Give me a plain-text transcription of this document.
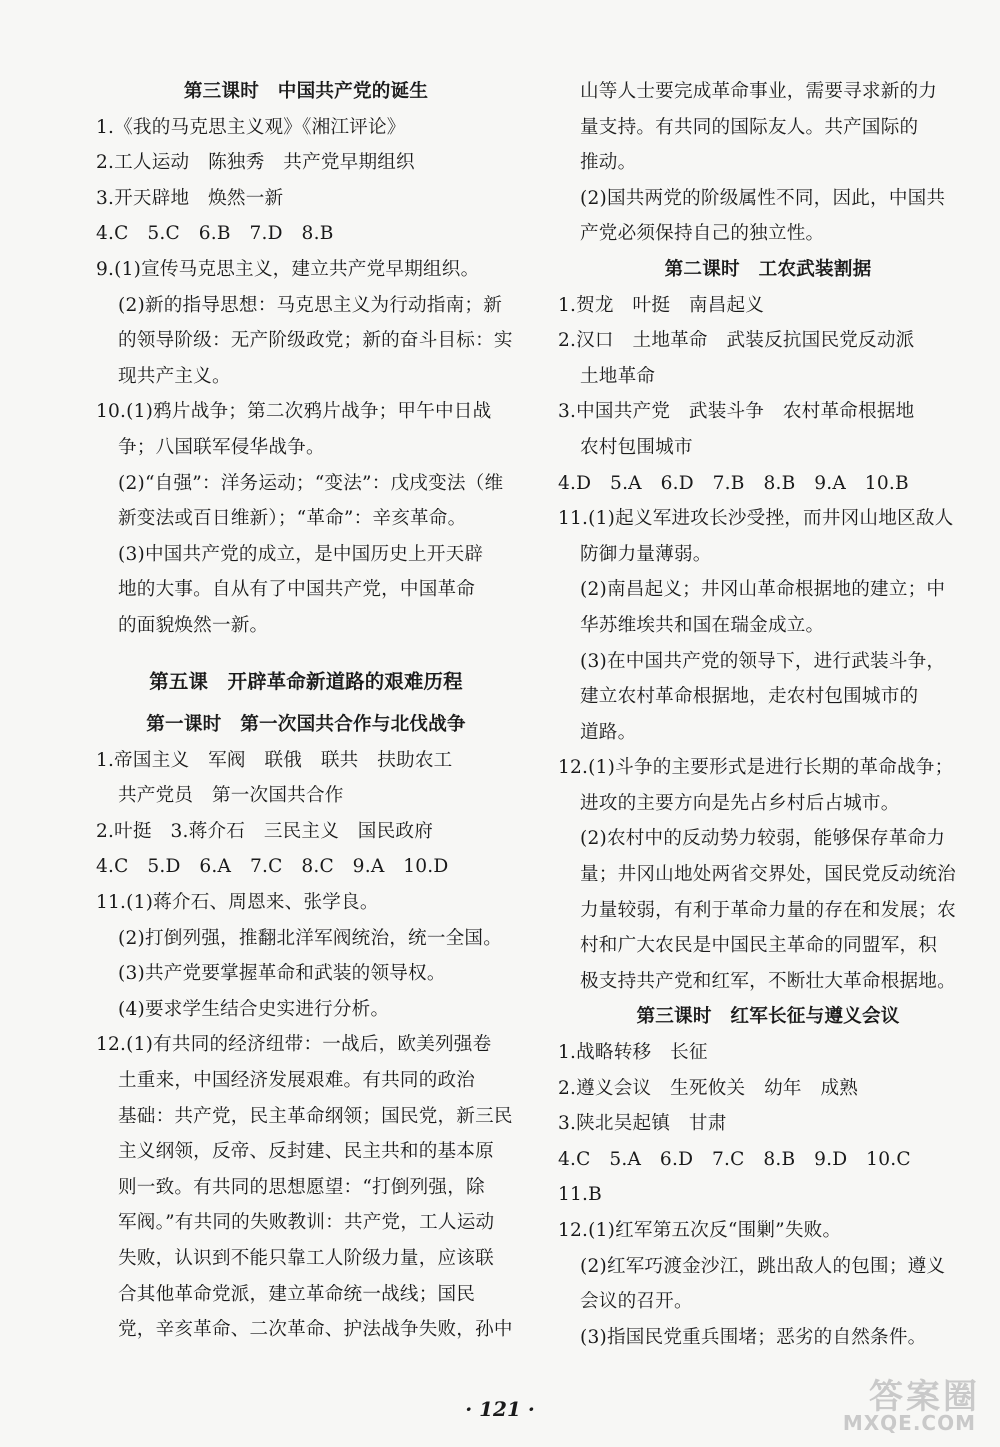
第三课时　中国共产党的诞生
1.《我的马克思主义观》《湘江评论》
2.工人运动　陈独秀　共产党早期组织
3.开天辟地　焕然一新
4.C　5.C　6.B　7.D　8.B
9.(1)宣传马克思主义，建立共产党早期组织。
(2)新的指导思想：马克思主义为行动指南；新
的领导阶级：无产阶级政党；新的奋斗目标：实
现共产主义。
10.(1)鸦片战争；第二次鸦片战争；甲午中日战
争；八国联军侵华战争。
(2)“自强”：洋务运动；“变法”：戊戌变法（维
新变法或百日维新）；“革命”：辛亥革命。
(3)中国共产党的成立，是中国历史上开天辟
地的大事。自从有了中国共产党，中国革命
的面貌焕然一新。
第五课　开辟革命新道路的艰难历程
第一课时　第一次国共合作与北伐战争
1.帝国主义　军阀　联俄　联共　扶助农工
共产党员　第一次国共合作
2.叶挺　3.蒋介石　三民主义　国民政府
4.C　5.D　6.A　7.C　8.C　9.A　10.D
11.(1)蒋介石、周恩来、张学良。
(2)打倒列强，推翻北洋军阀统治，统一全国。
(3)共产党要掌握革命和武装的领导权。
(4)要求学生结合史实进行分析。
12.(1)有共同的经济纽带：一战后，欧美列强卷
土重来，中国经济发展艰难。有共同的政治
基础：共产党，民主革命纲领；国民党，新三民
主义纲领，反帝、反封建、民主共和的基本原
则一致。有共同的思想愿望：“打倒列强，除
军阀。”有共同的失败教训：共产党，工人运动
失败，认识到不能只靠工人阶级力量，应该联
合其他革命党派，建立革命统一战线；国民
党，辛亥革命、二次革命、护法战争失败，孙中
山等人士要完成革命事业，需要寻求新的力
量支持。有共同的国际友人。共产国际的
推动。
(2)国共两党的阶级属性不同，因此，中国共
产党必须保持自己的独立性。
第二课时　工农武装割据
1.贺龙　叶挺　南昌起义
2.汉口　土地革命　武装反抗国民党反动派
土地革命
3.中国共产党　武装斗争　农村革命根据地
农村包围城市
4.D　5.A　6.D　7.B　8.B　9.A　10.B
11.(1)起义军进攻长沙受挫，而井冈山地区敌人
防御力量薄弱。
(2)南昌起义；井冈山革命根据地的建立；中
华苏维埃共和国在瑞金成立。
(3)在中国共产党的领导下，进行武装斗争，
建立农村革命根据地，走农村包围城市的
道路。
12.(1)斗争的主要形式是进行长期的革命战争；
进攻的主要方向是先占乡村后占城市。
(2)农村中的反动势力较弱，能够保存革命力
量；井冈山地处两省交界处，国民党反动统治
力量较弱，有利于革命力量的存在和发展；农
村和广大农民是中国民主革命的同盟军，积
极支持共产党和红军，不断壮大革命根据地。
第三课时　红军长征与遵义会议
1.战略转移　长征
2.遵义会议　生死攸关　幼年　成熟
3.陕北吴起镇　甘肃
4.C　5.A　6.D　7.C　8.B　9.D　10.C
11.B
12.(1)红军第五次反“围剿”失败。
(2)红军巧渡金沙江，跳出敌人的包围；遵义
会议的召开。
(3)指国民党重兵围堵；恶劣的自然条件。
· 121 ·	答案圈
MXQE.COM
